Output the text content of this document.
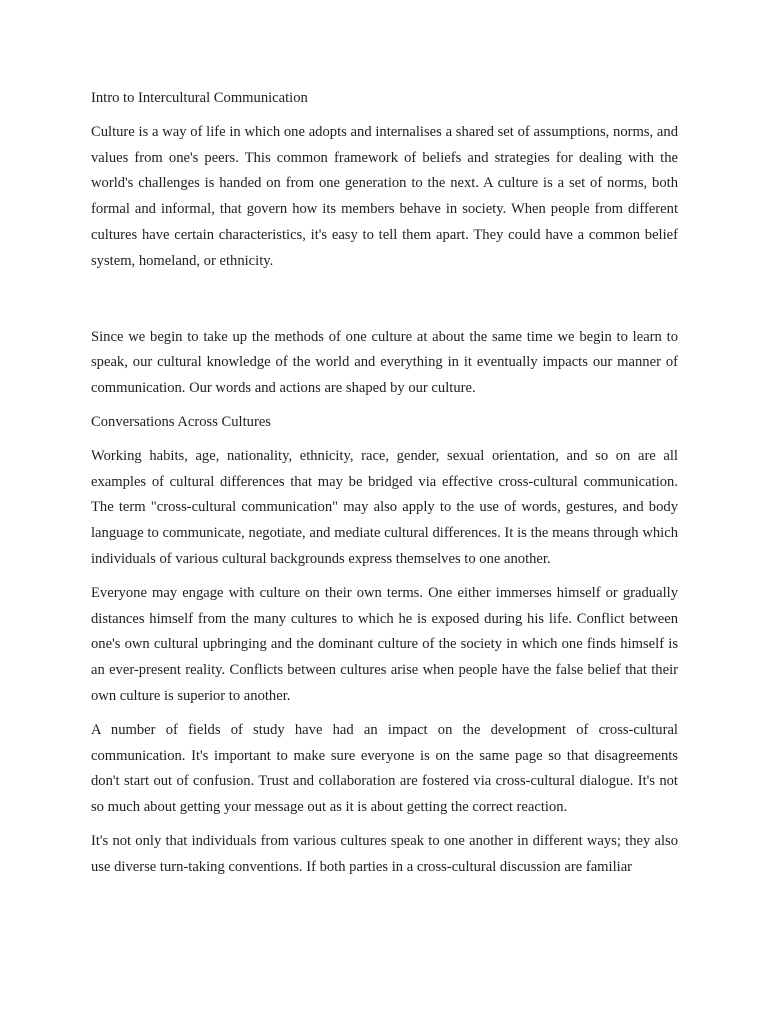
Intro to Intercultural Communication
Culture is a way of life in which one adopts and internalises a shared set of assumptions, norms, and values from one's peers. This common framework of beliefs and strategies for dealing with the world's challenges is handed on from one generation to the next. A culture is a set of norms, both formal and informal, that govern how its members behave in society. When people from different cultures have certain characteristics, it's easy to tell them apart. They could have a common belief system, homeland, or ethnicity.
Since we begin to take up the methods of one culture at about the same time we begin to learn to speak, our cultural knowledge of the world and everything in it eventually impacts our manner of communication. Our words and actions are shaped by our culture.
Conversations Across Cultures
Working habits, age, nationality, ethnicity, race, gender, sexual orientation, and so on are all examples of cultural differences that may be bridged via effective cross-cultural communication. The term "cross-cultural communication" may also apply to the use of words, gestures, and body language to communicate, negotiate, and mediate cultural differences. It is the means through which individuals of various cultural backgrounds express themselves to one another.
Everyone may engage with culture on their own terms. One either immerses himself or gradually distances himself from the many cultures to which he is exposed during his life. Conflict between one's own cultural upbringing and the dominant culture of the society in which one finds himself is an ever-present reality. Conflicts between cultures arise when people have the false belief that their own culture is superior to another.
A number of fields of study have had an impact on the development of cross-cultural communication. It's important to make sure everyone is on the same page so that disagreements don't start out of confusion. Trust and collaboration are fostered via cross-cultural dialogue. It's not so much about getting your message out as it is about getting the correct reaction.
It's not only that individuals from various cultures speak to one another in different ways; they also use diverse turn-taking conventions. If both parties in a cross-cultural discussion are familiar
